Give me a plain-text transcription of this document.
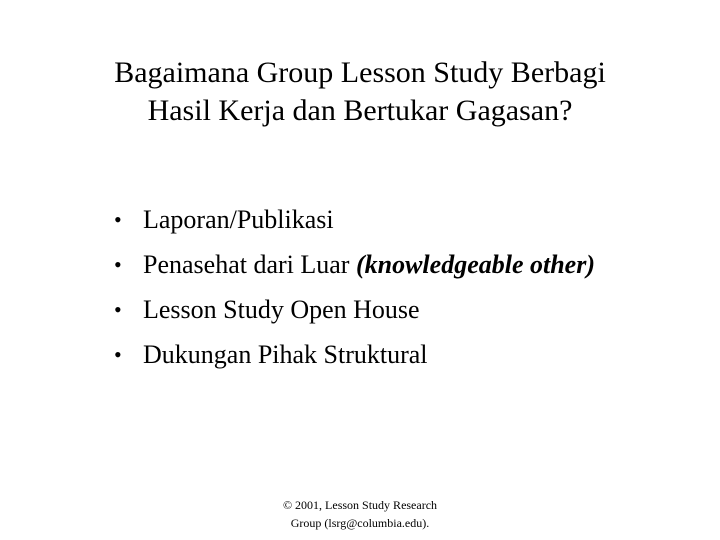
Bagaimana Group Lesson Study Berbagi
Hasil Kerja dan Bertukar Gagasan?
• Laporan/Publikasi
• Penasehat dari Luar (knowledgeable other)
• Lesson Study Open House
• Dukungan Pihak Struktural
© 2001, Lesson Study Research
Group (lsrg@columbia.edu).
